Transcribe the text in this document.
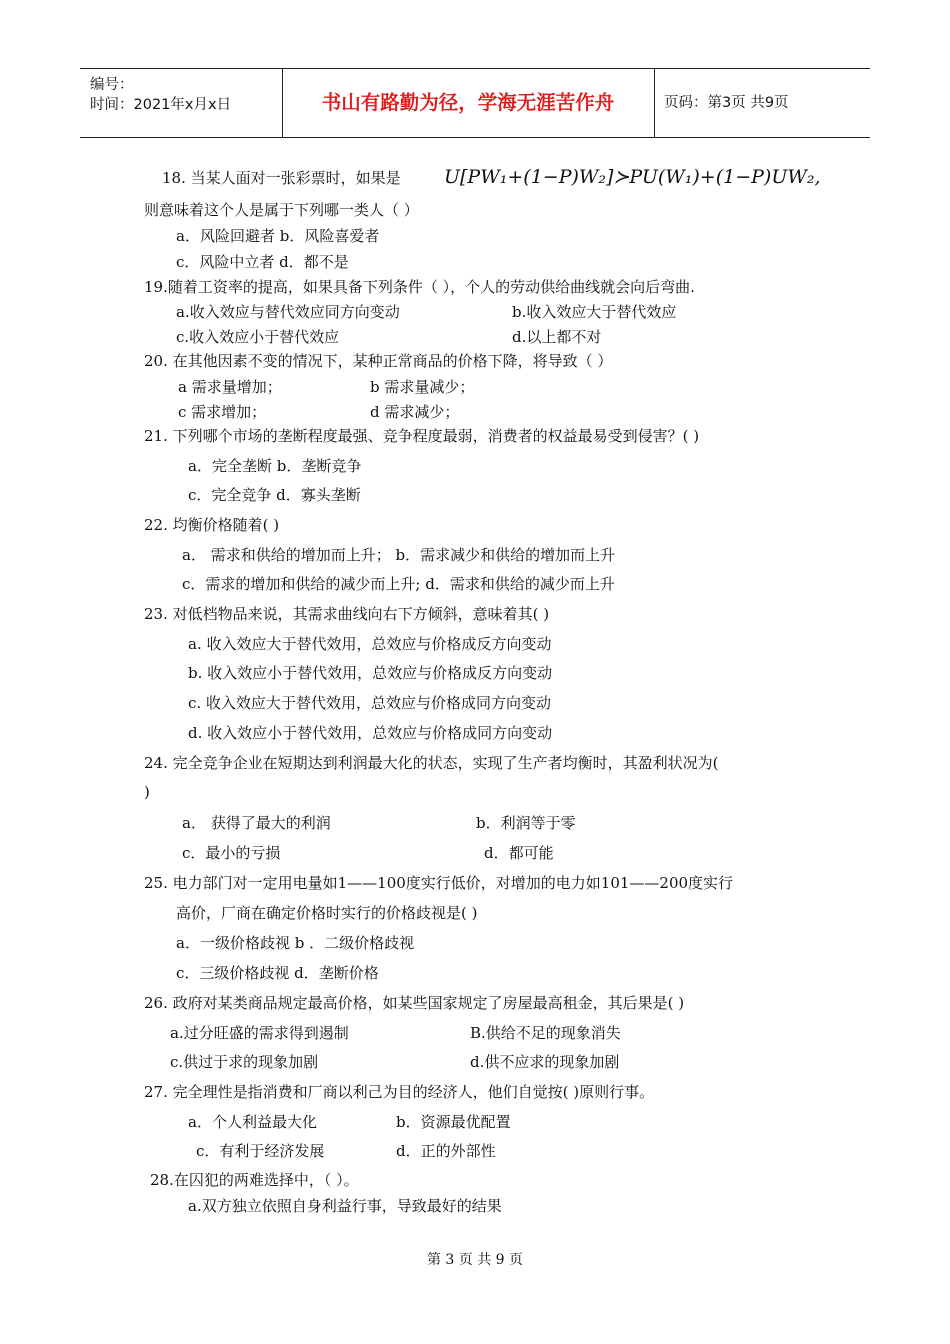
编号：
时间：2021年x月x日	书山有路勤为径，学海无涯苦作舟	页码：第3页 共9页
U[PW₁+(1−P)W₂]≻PU(W₁)+(1−P)UW₂,
18. 当某人面对一张彩票时，如果是
则意味着这个人是属于下列哪一类人（ ）
a．风险回避者 b．风险喜爱者
c．风险中立者 d．都不是
19.随着工资率的提高，如果具备下列条件（ ），个人的劳动供给曲线就会向后弯曲.
a.收入效应与替代效应同方向变动	b.收入效应大于替代效应
c.收入效应小于替代效应	d.以上都不对
20. 在其他因素不变的情况下，某种正常商品的价格下降，将导致（ ）
a 需求量增加；	b 需求量减少；
c 需求增加；	d 需求减少；
21. 下列哪个市场的垄断程度最强、竞争程度最弱，消费者的权益最易受到侵害？( )
a．完全垄断 b．垄断竞争
c．完全竞争 d．寡头垄断
22. 均衡价格随着( )
a． 需求和供给的增加而上升； b．需求减少和供给的增加而上升
c．需求的增加和供给的减少而上升; d．需求和供给的减少而上升
23. 对低档物品来说，其需求曲线向右下方倾斜，意味着其( )
a. 收入效应大于替代效用，总效应与价格成反方向变动
b. 收入效应小于替代效用，总效应与价格成反方向变动
c. 收入效应大于替代效用，总效应与价格成同方向变动
d. 收入效应小于替代效用，总效应与价格成同方向变动
24. 完全竞争企业在短期达到利润最大化的状态，实现了生产者均衡时，其盈利状况为(
)
a． 获得了最大的利润	b．利润等于零
c．最小的亏损	d．都可能
25. 电力部门对一定用电量如1——100度实行低价，对增加的电力如101——200度实行
高价，厂商在确定价格时实行的价格歧视是( )
a．一级价格歧视 b ．二级价格歧视
c．三级价格歧视 d．垄断价格
26. 政府对某类商品规定最高价格，如某些国家规定了房屋最高租金，其后果是( )
a.过分旺盛的需求得到遏制	B.供给不足的现象消失
c.供过于求的现象加剧	d.供不应求的现象加剧
27. 完全理性是指消费和厂商以利己为目的经济人，他们自觉按( )原则行事。
a．个人利益最大化	b．资源最优配置
c．有利于经济发展	d．正的外部性
28.在囚犯的两难选择中，（ ）。
a.双方独立依照自身利益行事，导致最好的结果
第 3 页 共 9 页
